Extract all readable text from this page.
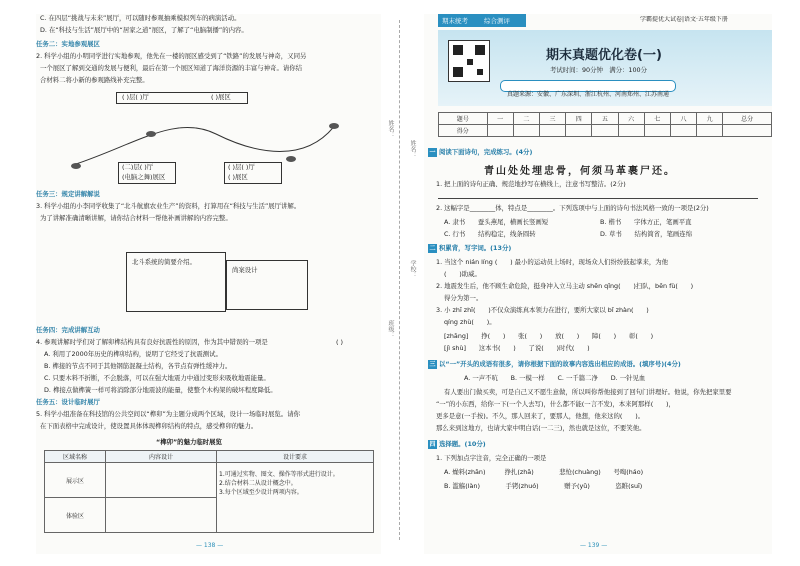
C. 在四层“挑战与未来”展厅，可以随时参观抽乘模拟列车的病演活动。
D. 在“科技与生活”展厅中的“居家之道”展区，了解了“电脑制播”的内容。
任务二：实地参观展区
2. 科学小组的小明同学进行实地参观，他先在一楼的展区感受到了“铁路”的发展与神奇，又同另
一个展区了解到交通的发展与便利，最后在第一个展区知道了海洋资源的丰富与神奇。请你结
合材料二将小新的参观路线补充完整。
( )层( )厅	( )展区
(二)层( )厅
(电脑之舞)展区
( )层( )厅
( )展区
任务三：规定讲解解说
3. 科学小组的小李同学收集了“北斗航旗农业生产”的资料，打算用在“科技与生活”展厅讲解。
为了讲解准确清晰讲解，请你结合材料一帮他补画讲解的内容完整。
北斗系统的简要介绍。
尚案设计
任务四：完成讲解互动
4. 参观讲解时学们对了解卯榫结构具有良好抗震性的原因，作为其中错误的一项是	( )
A. 利用了2000年历史的榫卯结构，说明了它经受了抗震测试。
B. 榫接的节点不同于其他钢筋混凝土结构，各节点有弹性缓冲力。
C. 只要木料不折断，不会脱落，可以在强大地震力中通过变形来吸收地震能量。
D. 榫接点做榫簧一样可将消除部分地震波的能量，使整个木构架的破坏程度降低。
任务五：设计临时展厅
5. 科学小组准备在科技馆的公共空间以“榫卯”为主题分成两个区域，设计一场临时展览。请你
在下面表格中完成设计，使设置具体体现榫卯结构的特点，感受榫卯的魅力。
“榫卯”的魅力临时展览
区域名称	内容设计	设计要求
展示区		1.可通过实物、图文、操作等形式进行设计。
2.结合材料二从设计概念中。
3.每个区域至少设计两项内容。

体验区		
— 138 —
姓名：
班级：
姓名：
学校：
期末统考 综合测评	学霸提优大试卷|语文·五年级下册
期末真题优化卷(一)
考试时间：90分钟　满分：100分
真题来源：安徽、广东深圳、浙江杭州、河南郑州、江苏南通
题号	一	二	三	四	五	六	七	八	九	总分
得分										
一 阅读下面诗句，完成练习。(4分)
青山处处埋忠骨，何须马革裹尸还。
1. 把上面的诗句正确、规范地抄写在横线上，注意书写整洁。(2分)
2. 这幅字是________体，特点是________。下列选项中与上面的诗句书法风格一致的一项是(2分)
A. 隶书　　蚕头燕尾，横画长竖画短	B. 楷书　　字体方正，笔画平直
C. 行书　　结构稳定，线条圆转	D. 草书　　结构简省，笔画连绵
二 积累背，写字词。(13分)
1. 当这个 nián líng (　　) 最小的运动员上场时，现场众人们纷纷鼓起掌来，为他
(　　)助威。
2. 地震发生后，他不顾生命危险，挺身冲入立马主动 shēn qǐng(　　)扫队，bēn fù(　　)
得分为第一。
3. 小 zhī zhī(　　)不仅众演练真本领力在进行，要所大家以 bǐ zhàn(　　)
qíng zhù(　　)。
[zhāng]　　挣(　　)　　张(　　)　　放(　　)　　障(　　)　　彰(　　)
[jì shù]　　这本书(　　)　　了说(　　)时代(　　)
三 以“一”开头的成语有很多，请你根据下面的故事内容选出相应的成语。(填序号)(4分)
A. 一声不吭　　B. 一模一样　　C. 一千篇二净　　D. 一针见血
有人要出门做买卖，可是自己又不愿生意做，所以叫你帮他接到了回句门讲理好。他说，你先把家里要
“一”的小东西，给你一下(一个人去写)，什么都不能(一言不发)，本来阿那样(　　)，
更多是意(一手按)。不久，那人回来了，要那人，他想，他来这的(　　)。
那么来到这地方，也请大家中明白话(一二三)，然也就是这位，不要笑他。
四 选择题。(10分)
1. 下列加点字注音，完全正确的一项是
A. 燥料(zhān)　　　挣扎(zhā)　　　　悲怆(chuàng)　　号啕(háo)
B. 滥觞(làn)　　　　手铐(zhuó)　　　　赠予(yǔ)　　　　恣睢(suī)
— 139 —
